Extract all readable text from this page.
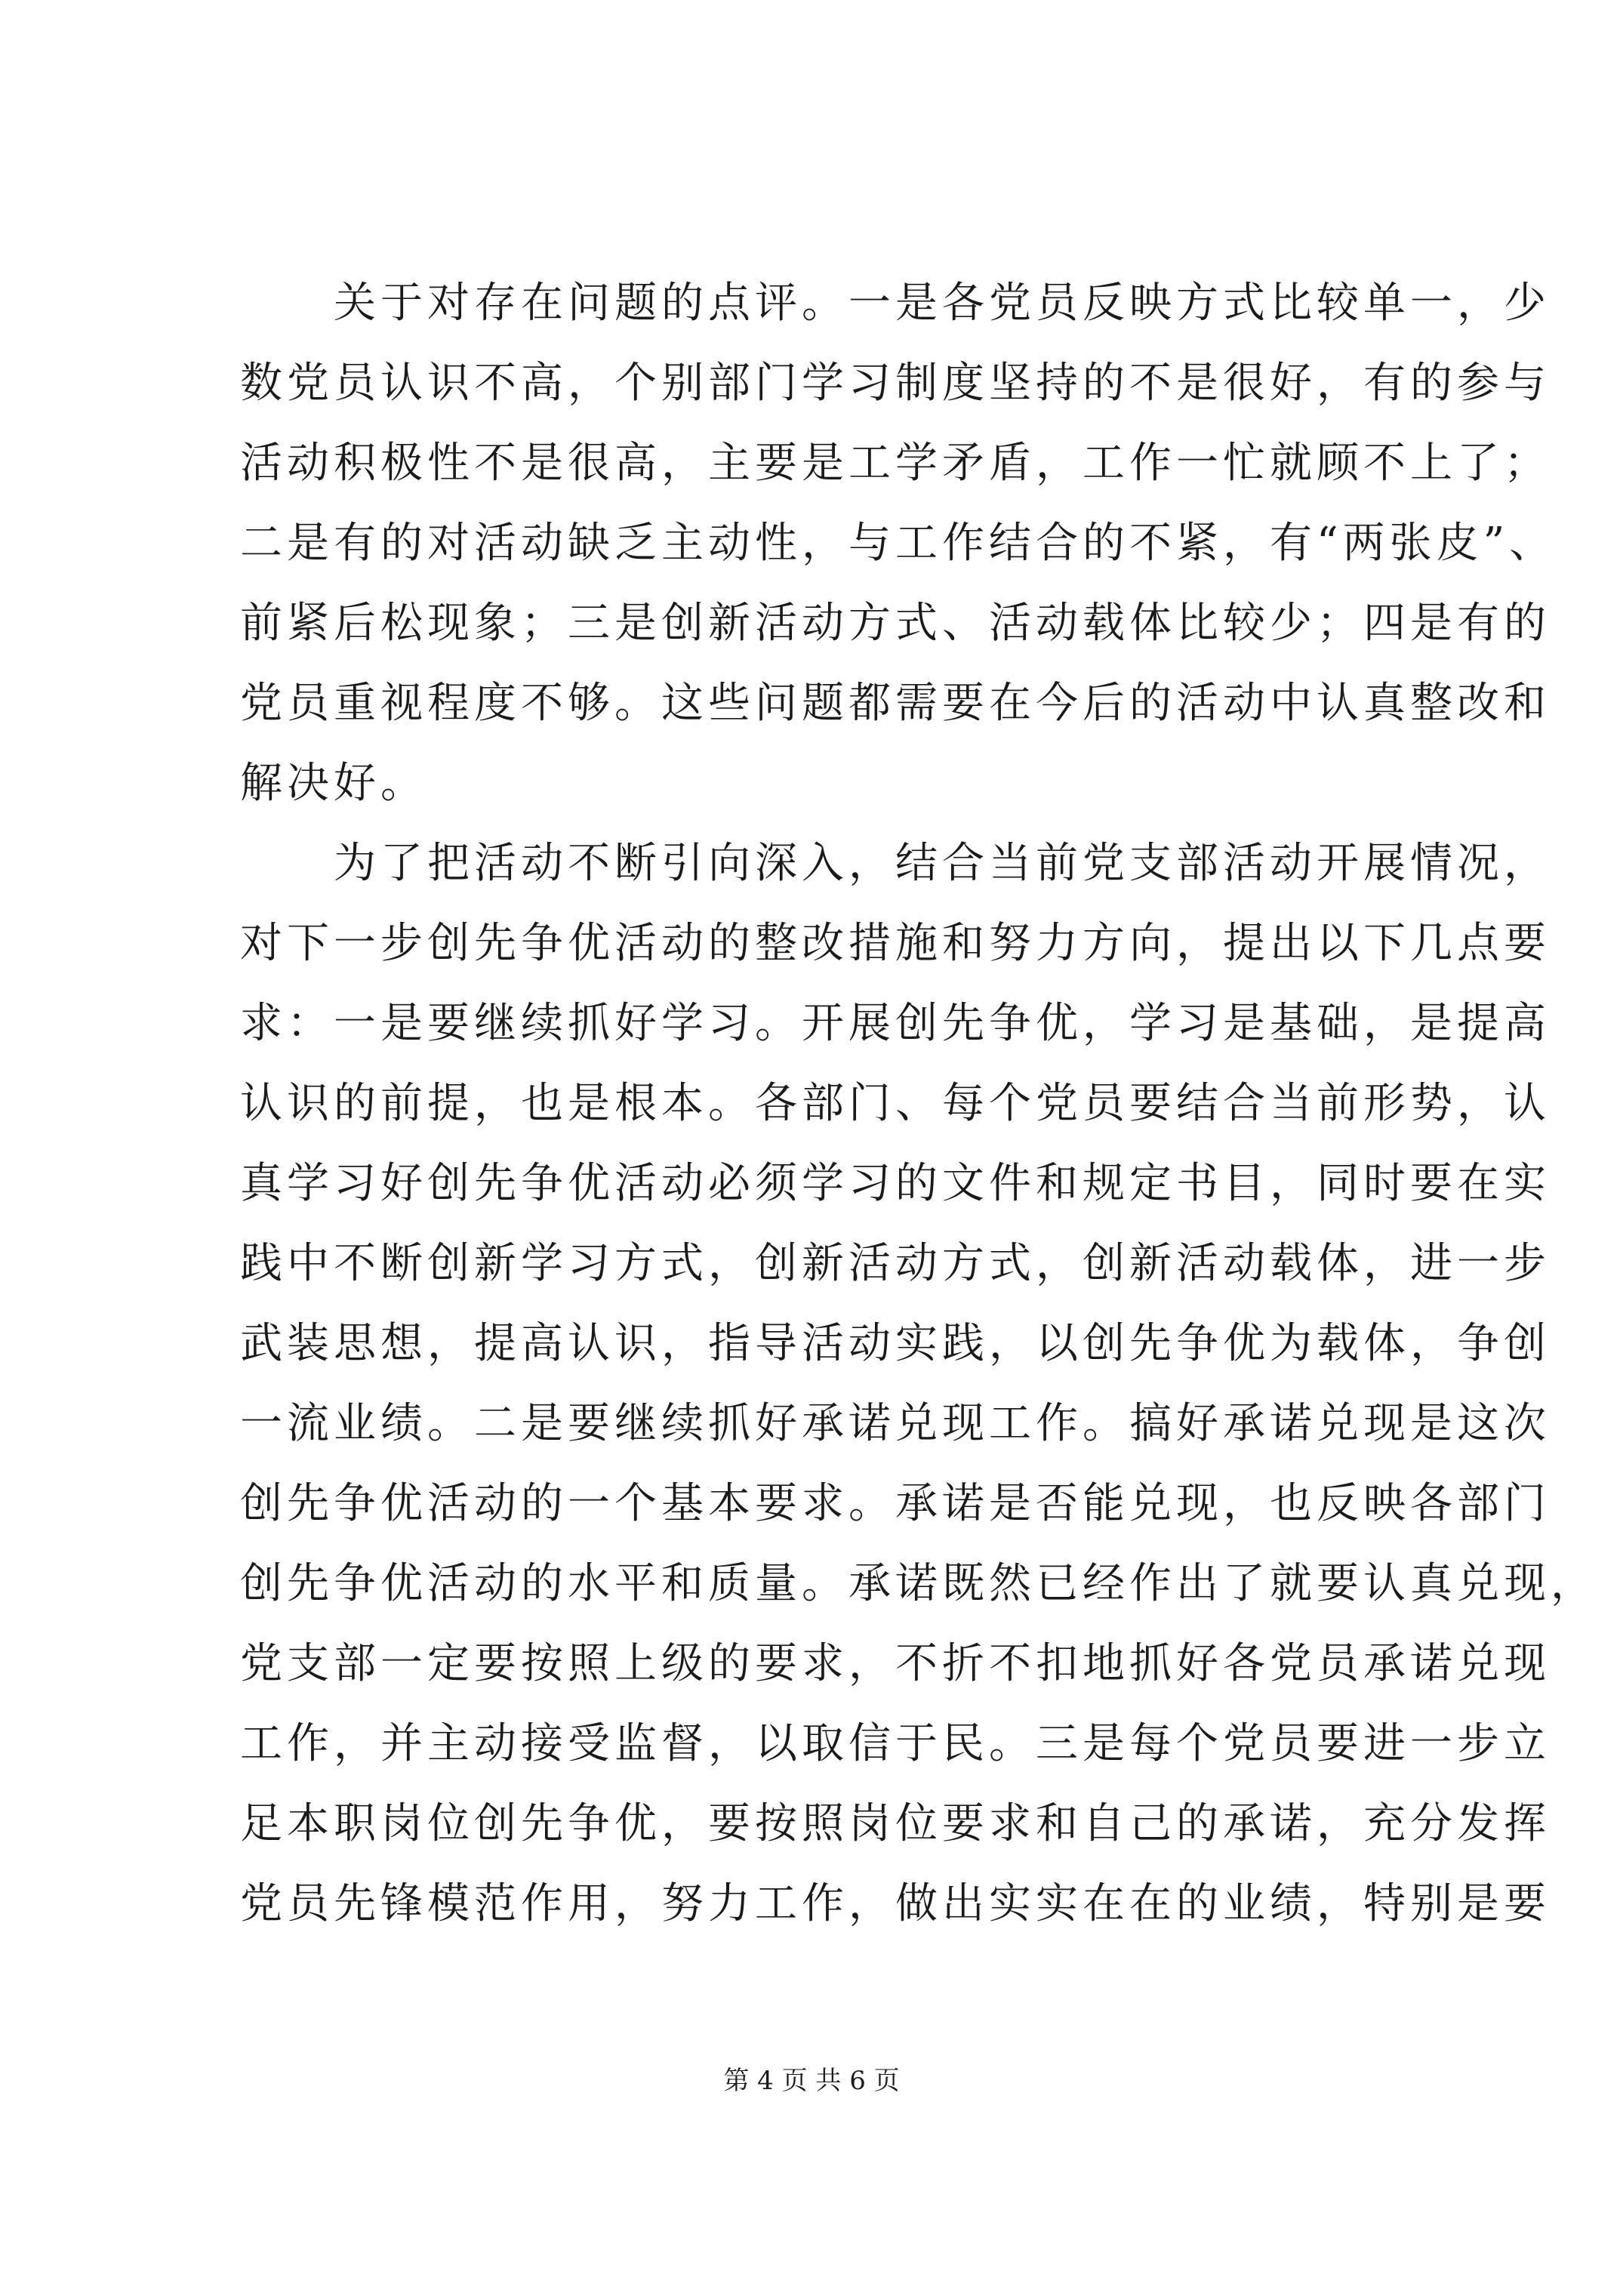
　　关于对存在问题的点评。一是各党员反映方式比较单一，少
数党员认识不高，个别部门学习制度坚持的不是很好，有的参与
活动积极性不是很高，主要是工学矛盾，工作一忙就顾不上了；
二是有的对活动缺乏主动性，与工作结合的不紧，有“两张皮”、
前紧后松现象；三是创新活动方式、活动载体比较少；四是有的
党员重视程度不够。这些问题都需要在今后的活动中认真整改和
解决好。
　　为了把活动不断引向深入，结合当前党支部活动开展情况，
对下一步创先争优活动的整改措施和努力方向，提出以下几点要
求：一是要继续抓好学习。开展创先争优，学习是基础，是提高
认识的前提，也是根本。各部门、每个党员要结合当前形势，认
真学习好创先争优活动必须学习的文件和规定书目，同时要在实
践中不断创新学习方式，创新活动方式，创新活动载体，进一步
武装思想，提高认识，指导活动实践，以创先争优为载体，争创
一流业绩。二是要继续抓好承诺兑现工作。搞好承诺兑现是这次
创先争优活动的一个基本要求。承诺是否能兑现，也反映各部门
创先争优活动的水平和质量。承诺既然已经作出了就要认真兑现，
党支部一定要按照上级的要求，不折不扣地抓好各党员承诺兑现
工作，并主动接受监督，以取信于民。三是每个党员要进一步立
足本职岗位创先争优，要按照岗位要求和自己的承诺，充分发挥
党员先锋模范作用，努力工作，做出实实在在的业绩，特别是要
第 4 页 共 6 页
